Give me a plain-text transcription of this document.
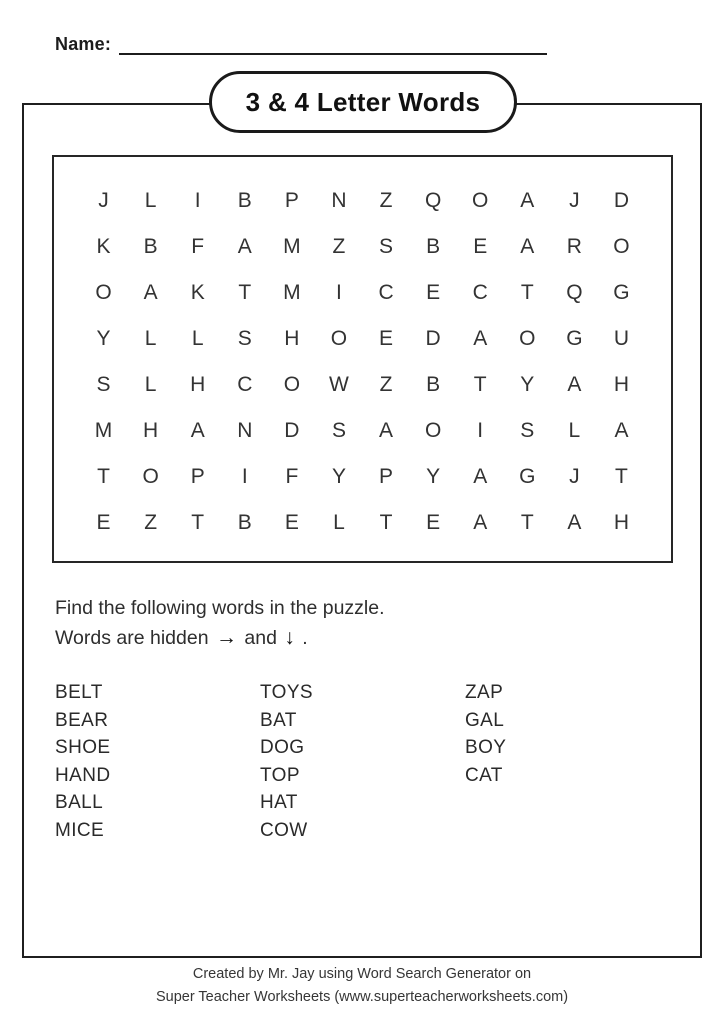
Name:
3 & 4 Letter Words
J L I B P N Z Q O A J D
K B F A M Z S B E A R O
O A K T M I C E C T Q G
Y L L S H O E D A O G U
S L H C O W Z B T Y A H
M H A N D S A O I S L A
T O P I F Y P Y A G J T
E Z T B E L T E A T A H
Find the following words in the puzzle.
Words are hidden → and ↓ .
BELT
BEAR
SHOE
HAND
BALL
MICE
TOYS
BAT
DOG
TOP
HAT
COW
ZAP
GAL
BOY
CAT
Created by Mr. Jay using Word Search Generator on
Super Teacher Worksheets (www.superteacherworksheets.com)
